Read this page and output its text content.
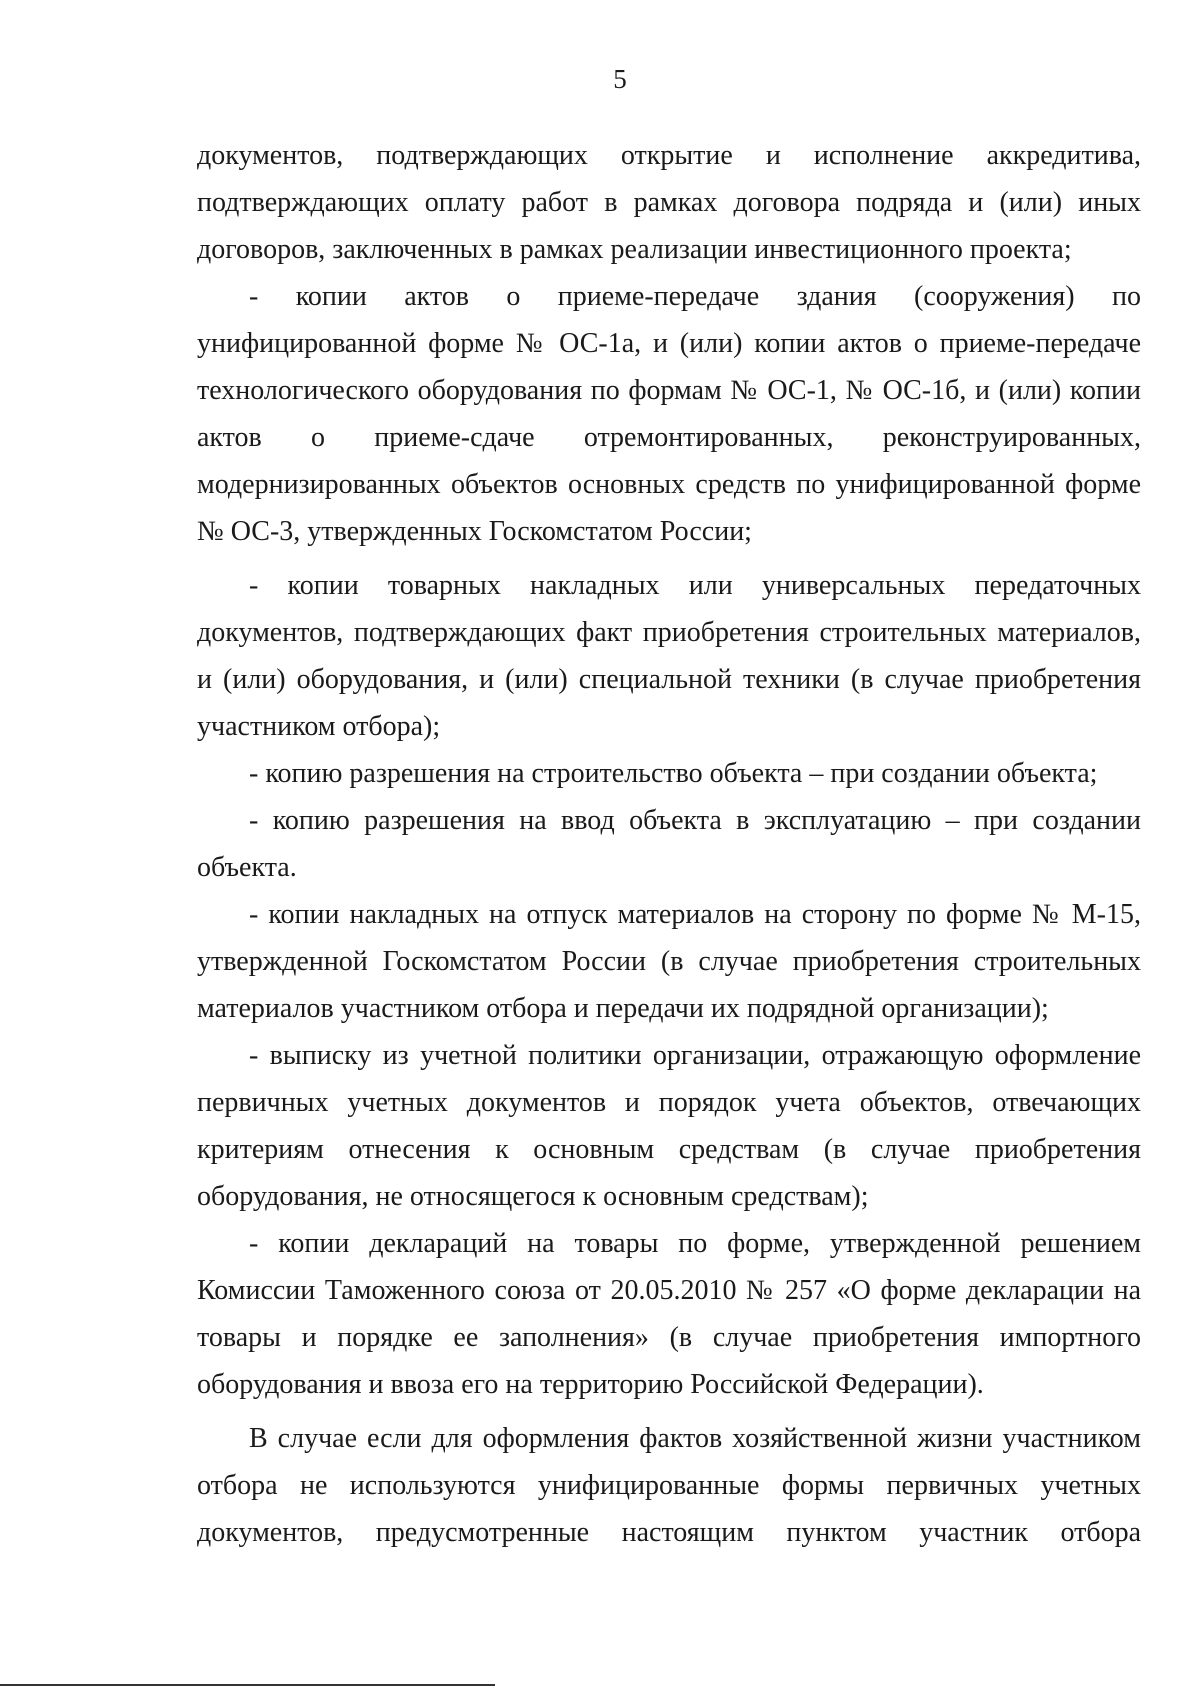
5

документов, подтверждающих открытие и исполнение аккредитива, подтверждающих оплату работ в рамках договора подряда и (или) иных договоров, заключенных в рамках реализации инвестиционного проекта;

- копии актов о приеме-передаче здания (сооружения) по унифицированной форме № ОС-1а, и (или) копии актов о приеме-передаче технологического оборудования по формам № ОС-1, № ОС-1б, и (или) копии актов о приеме-сдаче отремонтированных, реконструированных, модернизированных объектов основных средств по унифицированной форме № ОС-3, утвержденных Госкомстатом России;

- копии товарных накладных или универсальных передаточных документов, подтверждающих факт приобретения строительных материалов, и (или) оборудования, и (или) специальной техники (в случае приобретения участником отбора);

- копию разрешения на строительство объекта – при создании объекта;

- копию разрешения на ввод объекта в эксплуатацию – при создании объекта.

- копии накладных на отпуск материалов на сторону по форме № М-15, утвержденной Госкомстатом России (в случае приобретения строительных материалов участником отбора и передачи их подрядной организации);

- выписку из учетной политики организации, отражающую оформление первичных учетных документов и порядок учета объектов, отвечающих критериям отнесения к основным средствам (в случае приобретения оборудования, не относящегося к основным средствам);

- копии деклараций на товары по форме, утвержденной решением Комиссии Таможенного союза от 20.05.2010 № 257 «О форме декларации на товары и порядке ее заполнения» (в случае приобретения импортного оборудования и ввоза его на территорию Российской Федерации).

В случае если для оформления фактов хозяйственной жизни участником отбора не используются унифицированные формы первичных учетных документов, предусмотренные настоящим пунктом участник отбора
